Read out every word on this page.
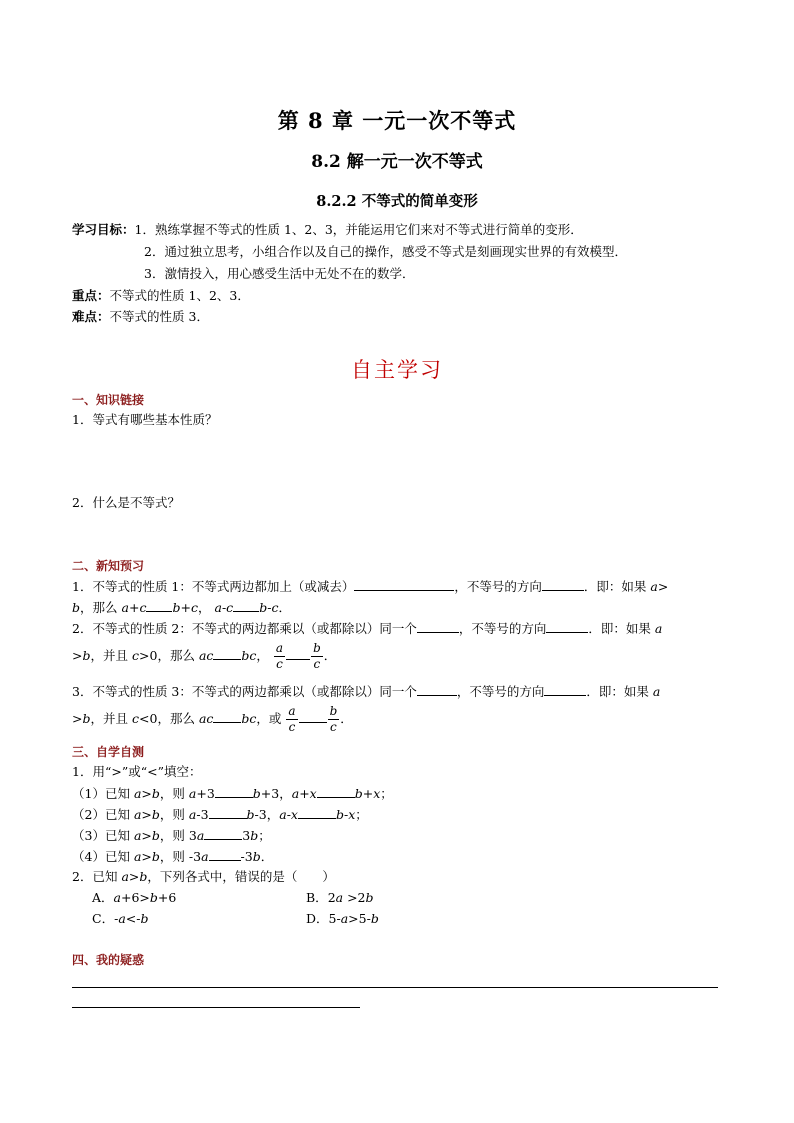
第 8 章 一元一次不等式
8.2 解一元一次不等式
8.2.2 不等式的简单变形
学习目标：1．熟练掌握不等式的性质 1、2、3，并能运用它们来对不等式进行简单的变形．
2．通过独立思考，小组合作以及自己的操作，感受不等式是刻画现实世界的有效模型．
3．激情投入，用心感受生活中无处不在的数学．
重点：不等式的性质 1、2、3．
难点：不等式的性质 3．
自主学习
一、知识链接
1．等式有哪些基本性质？
2．什么是不等式？
二、新知预习
1．不等式的性质 1：不等式两边都加上（或减去）	，不等号的方向	．即：如果 a>
b，那么 a+c b+c， a-c b-c．
2．不等式的性质 2：不等式的两边都乘以（或都除以）同一个	，不等号的方向	．即：如果 a
>b，并且 c>0，那么 ac bc， $\frac{a}{c} \frac{b}{c}$ ．
3．不等式的性质 3：不等式的两边都乘以（或都除以）同一个	，不等号的方向	．即：如果 a
>b，并且 c<0，那么 ac bc，或 $\frac{a}{c}$	$\frac{b}{c}$ ．
三、自学自测
1．用“>”或“<”填空：
（1）已知 a>b，则 a+3	b+3，a+x	b+x；
（2）已知 a>b，则 a-3	b-3，a-x	b-x；
（3）已知 a>b，则 3a	3b；
（4）已知 a>b，则 -3a	-3b．
2．已知 a>b，下列各式中，错误的是（　　）
A．a+6>b+6	B．2a >2b
C．-a<-b	D．5-a>5-b
四、我的疑惑
